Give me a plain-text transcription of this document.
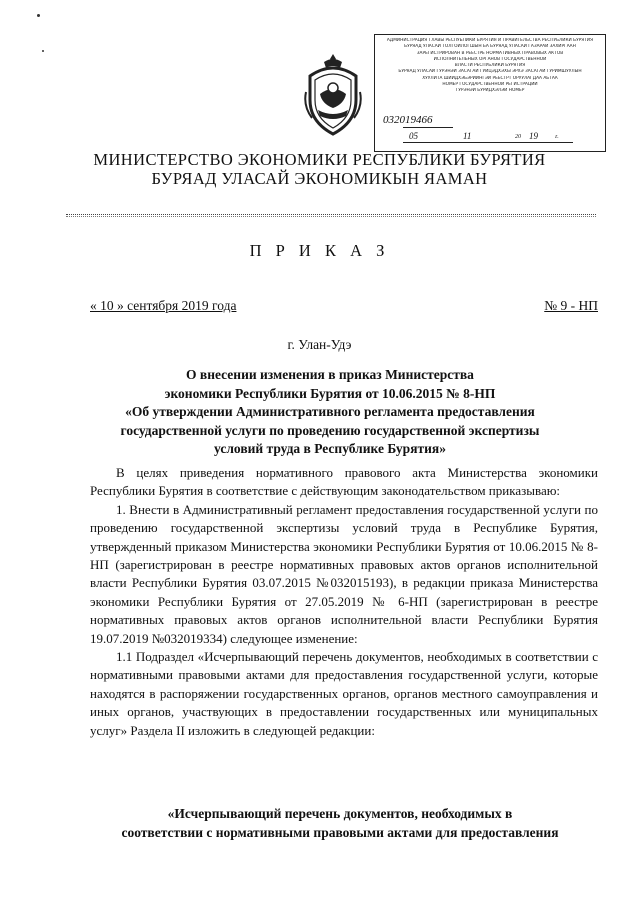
АДМИНИСТРАЦИЯ ГЛАВЫ РЕСПУБЛИКИ БУРЯТИЯ И ПРАВИТЕЛЬСТВА РЕСПУБЛИКИ БУРЯТИЯ
БУРЯАД УЛАСАЙ ТОЛГОЙЛОГШЫН БА БУРЯАД УЛАСАЙ ГАЗАРАЙ ЗАХИРГААН
ЗАРЕГИСТРИРОВАН В РЕЕСТРЕ НОРМАТИВНЫХ ПРАВОВЫХ АКТОВ
ИСПОЛНИТЕЛЬНЫХ ОРГАНОВ ГОСУДАРСТВЕННОЙ
ВЛАСТИ РЕСПУБЛИКИ БУРЯТИЯ
БУРЯАД УЛАСАЙ ГУРЭНЭЙ ЗАСАГАЙ ГУЙЦЭДХЭХЫ ЭРХЭ ЗАСАГАЙ ГУРИМШУУЛЫН
ХУУЛИТА ШИИДХЭБЭРИЙНГЭЙ РЕЕСТРТ ОРУУЛАГДАА АБТАА
НОМЕР ГОСУДАРСТВЕННОЙ РЕГИСТРАЦИИ
ГУРЭНЭЙ БУРИДХЭЛЭЙ НОМЕР
032019466
05	11	20 19	г.
МИНИСТЕРСТВО ЭКОНОМИКИ РЕСПУБЛИКИ БУРЯТИЯ
БУРЯАД УЛАСАЙ ЭКОНОМИКЫН ЯАМАН
П Р И К А З
« 10 » сентября 2019 года	№ 9 - НП
г. Улан-Удэ
О внесении изменения в приказ Министерства
экономики Республики Бурятия от 10.06.2015 № 8-НП
«Об утверждении Административного регламента предоставления
государственной услуги по проведению государственной экспертизы
условий труда в Республике Бурятия»

В целях приведения нормативного правового акта Министерства экономики Республики Бурятия в соответствие с действующим законодательством приказываю:

1. Внести в Административный регламент предоставления государственной услуги по проведению государственной экспертизы условий труда в Республике Бурятия, утвержденный приказом Министерства экономики Республики Бурятия от 10.06.2015 № 8-НП (зарегистрирован в реестре нормативных правовых актов органов исполнительной власти Республики Бурятия 03.07.2015 №032015193), в редакции приказа Министерства экономики Республики Бурятия от 27.05.2019 № 6-НП (зарегистрирован в реестре нормативных правовых актов органов исполнительной власти Республики Бурятия 19.07.2019 №032019334) следующее изменение:

1.1 Подраздел «Исчерпывающий перечень документов, необходимых в соответствии с нормативными правовыми актами для предоставления государственной услуги, которые находятся в распоряжении государственных органов, органов местного самоуправления и иных органов, участвующих в предоставлении государственных или муниципальных услуг» Раздела II изложить в следующей редакции:

«Исчерпывающий перечень документов, необходимых в
соответствии с нормативными правовыми актами для предоставления
